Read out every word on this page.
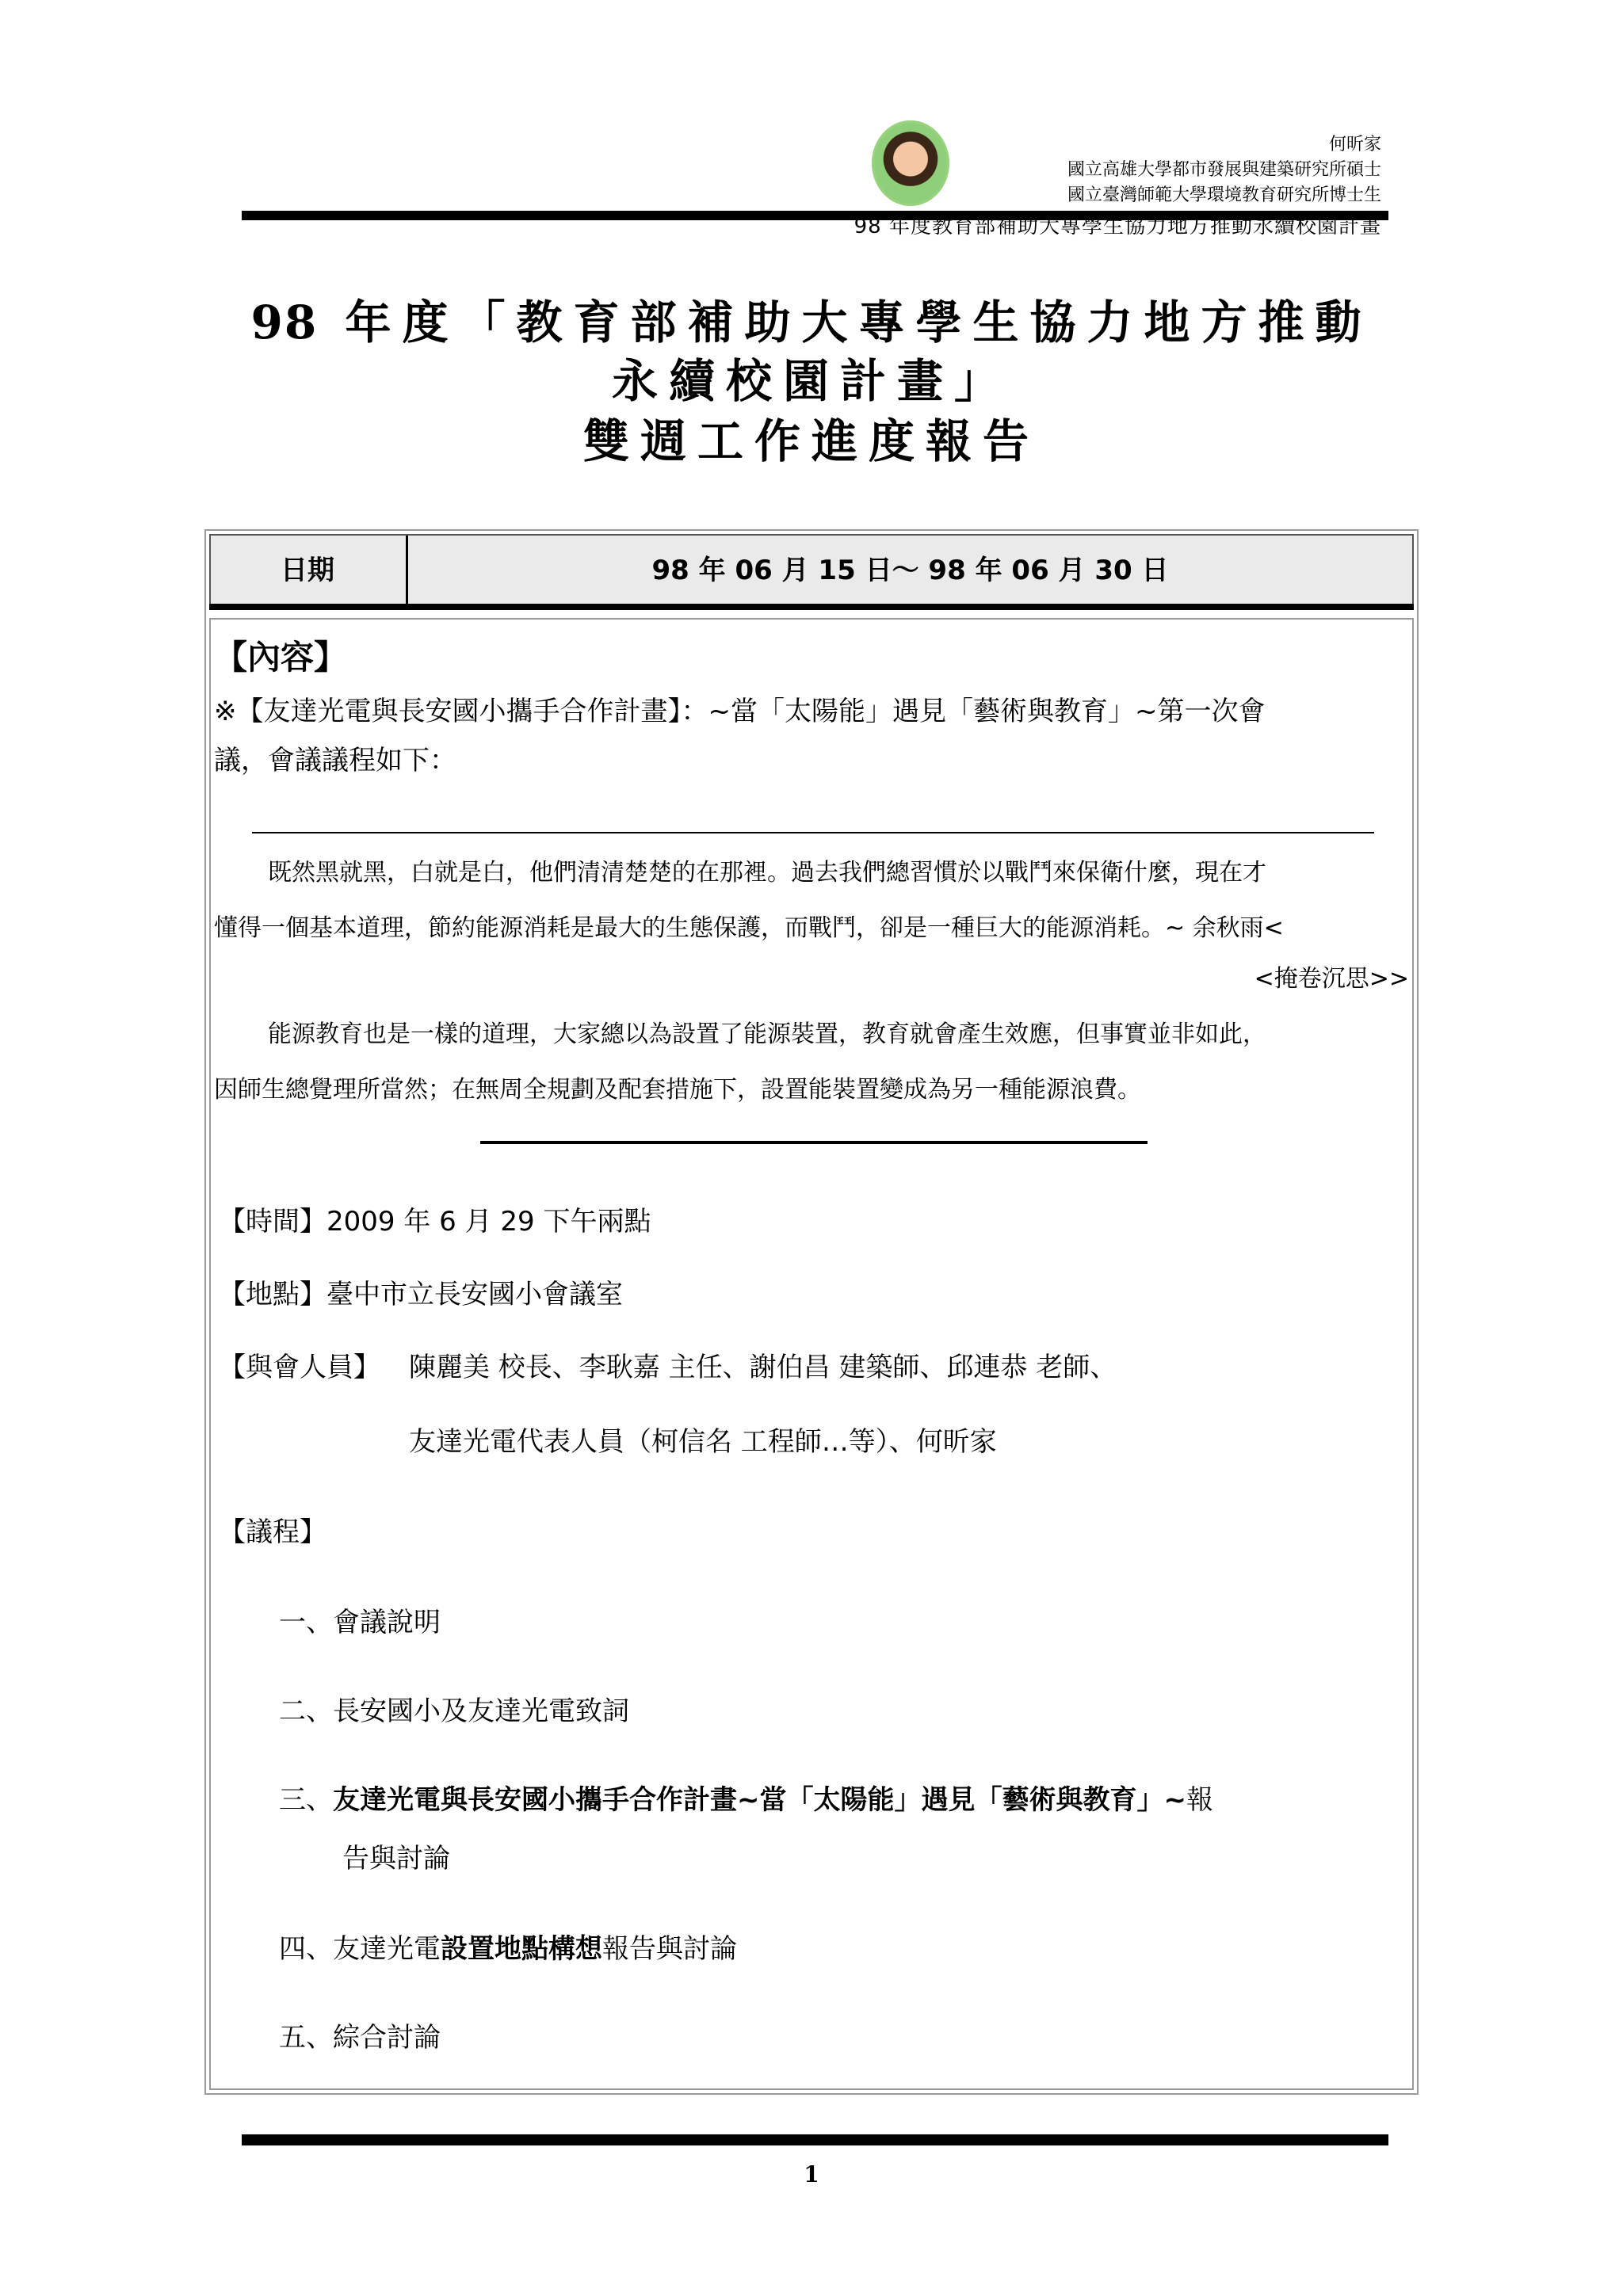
何昕家
國立高雄大學都市發展與建築研究所碩士
國立臺灣師範大學環境教育研究所博士生
98 年度教育部補助大專學生協力地方推動永續校園計畫
98 年度「教育部補助大專學生協力地方推動
永續校園計畫」
雙週工作進度報告
日期	98 年 06 月 15 日～ 98 年 06 月 30 日
【內容】
※【友達光電與長安國小攜手合作計畫】：~當「太陽能」遇見「藝術與教育」~第一次會
議，會議議程如下：
既然黑就黑，白就是白，他們清清楚楚的在那裡。過去我們總習慣於以戰鬥來保衛什麼，現在才
懂得一個基本道理，節約能源消耗是最大的生態保護，而戰鬥，卻是一種巨大的能源消耗。~ 余秋雨<
<掩卷沉思>>
能源教育也是一樣的道理，大家總以為設置了能源裝置，教育就會產生效應，但事實並非如此，
因師生總覺理所當然；在無周全規劃及配套措施下，設置能裝置變成為另一種能源浪費。
【時間】2009 年 6 月 29 下午兩點
【地點】臺中市立長安國小會議室
【與會人員】 陳麗美 校長、李耿嘉 主任、謝伯昌 建築師、邱連恭 老師、
友達光電代表人員（柯信名 工程師…等）、何昕家
【議程】
一、會議說明
二、長安國小及友達光電致詞
三、友達光電與長安國小攜手合作計畫~當「太陽能」遇見「藝術與教育」~報
告與討論
四、友達光電設置地點構想報告與討論
五、綜合討論
1
